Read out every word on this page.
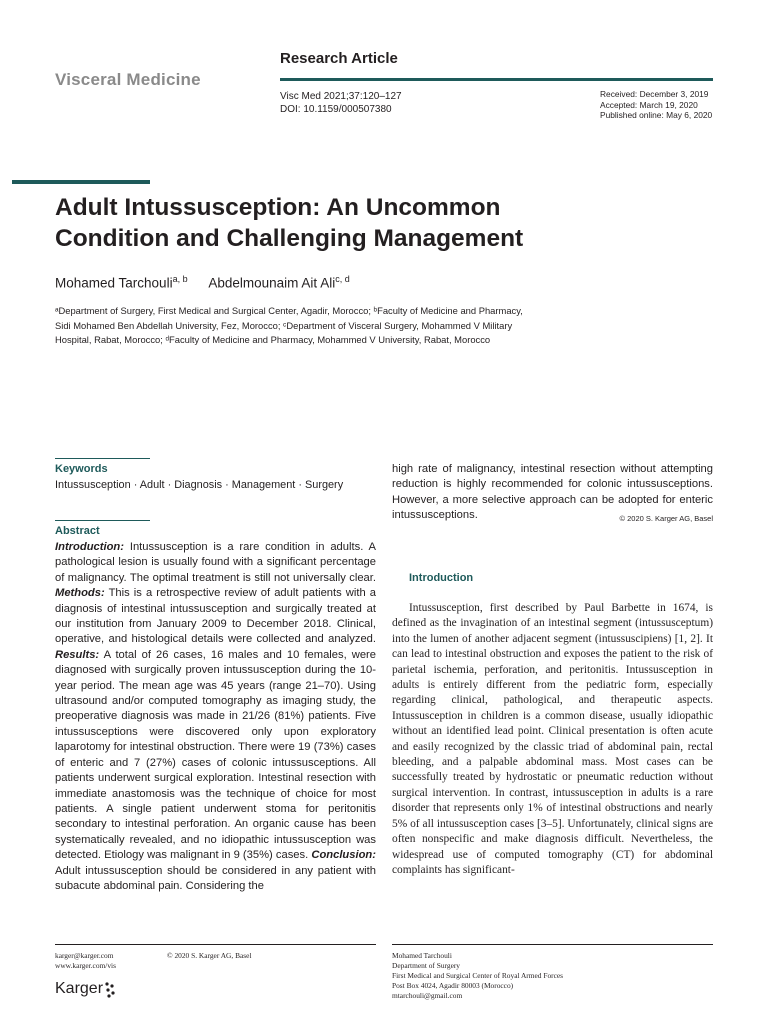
Visceral Medicine
Research Article
Visc Med 2021;37:120–127
DOI: 10.1159/000507380
Received: December 3, 2019
Accepted: March 19, 2020
Published online: May 6, 2020
Adult Intussusception: An Uncommon
Condition and Challenging Management
Mohamed Tarchouli$^{a, b}$ Abdelmounaim Ait Ali$^{c, d}$
ᵃDepartment of Surgery, First Medical and Surgical Center, Agadir, Morocco; ᵇFaculty of Medicine and Pharmacy,
Sidi Mohamed Ben Abdellah University, Fez, Morocco; ᶜDepartment of Visceral Surgery, Mohammed V Military
Hospital, Rabat, Morocco; ᵈFaculty of Medicine and Pharmacy, Mohammed V University, Rabat, Morocco
Keywords
Intussusception · Adult · Diagnosis · Management · Surgery
Abstract
Introduction: Intussusception is a rare condition in adults. A pathological lesion is usually found with a significant percentage of malignancy. The optimal treatment is still not universally clear. Methods: This is a retrospective review of adult patients with a diagnosis of intestinal intussusception and surgically treated at our institution from January 2009 to December 2018. Clinical, operative, and histological details were collected and analyzed. Results: A total of 26 cases, 16 males and 10 females, were diagnosed with surgically proven intussusception during the 10-year period. The mean age was 45 years (range 21–70). Using ultrasound and/or computed tomography as imaging study, the preoperative diagnosis was made in 21/26 (81%) patients. Five intussusceptions were discovered only upon exploratory laparotomy for intestinal obstruction. There were 19 (73%) cases of enteric and 7 (27%) cases of colonic intussusceptions. All patients underwent surgical exploration. Intestinal resection with immediate anastomosis was the technique of choice for most patients. A single patient underwent stoma for peritonitis secondary to intestinal perforation. An organic cause has been systematically revealed, and no idiopathic intussusception was detected. Etiology was malignant in 9 (35%) cases. Conclusion: Adult intussusception should be considered in any patient with subacute abdominal pain. Considering the
high rate of malignancy, intestinal resection without attempting reduction is highly recommended for colonic intussusceptions. However, a more selective approach can be adopted for enteric intussusceptions.	© 2020 S. Karger AG, Basel
Introduction
Intussusception, first described by Paul Barbette in 1674, is defined as the invagination of an intestinal segment (intussusceptum) into the lumen of another adjacent segment (intussuscipiens) [1, 2]. It can lead to intestinal obstruction and exposes the patient to the risk of parietal ischemia, perforation, and peritonitis. Intussusception in adults is entirely different from the pediatric form, especially regarding clinical, pathological, and therapeutic aspects. Intussusception in children is a common disease, usually idiopathic without an identified lead point. Clinical presentation is often acute and easily recognized by the classic triad of abdominal pain, rectal bleeding, and a palpable abdominal mass. Most cases can be successfully treated by hydrostatic or pneumatic reduction without surgical intervention. In contrast, intussusception in adults is a rare disorder that represents only 1% of intestinal obstructions and nearly 5% of all intussusception cases [3–5]. Unfortunately, clinical signs are often nonspecific and make diagnosis difficult. Nevertheless, the widespread use of computed tomography (CT) for abdominal complaints has significant-
karger@karger.com
www.karger.com/vis
© 2020 S. Karger AG, Basel
Karger
Mohamed Tarchouli
Department of Surgery
First Medical and Surgical Center of Royal Armed Forces
Post Box 4024, Agadir 80003 (Morocco)
mtarchouli@gmail.com
